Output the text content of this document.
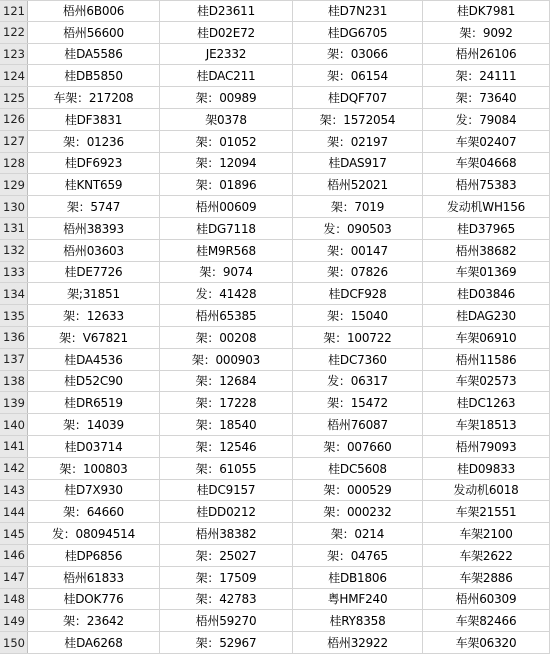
121	梧州6B006	桂D23611	桂D7N231	桂DK7981
122	梧州56600	桂D02E72	桂DG6705	架：9092
123	桂DA5586	JE2332	架：03066	梧州26106
124	桂DB5850	桂DAC211	架：06154	架：24111
125	车架：217208	架：00989	桂DQF707	架：73640
126	桂DF3831	架0378	架：1572054	发：79084
127	架：01236	架：01052	架：02197	车架02407
128	桂DF6923	架：12094	桂DAS917	车架04668
129	桂KNT659	架：01896	梧州52021	梧州75383
130	架：5747	梧州00609	架：7019	发动机WH156
131	梧州38393	桂DG7118	发：090503	桂D37965
132	梧州03603	桂M9R568	架：00147	梧州38682
133	桂DE7726	架：9074	架：07826	车架01369
134	架;31851	发：41428	桂DCF928	桂D03846
135	架：12633	梧州65385	架：15040	桂DAG230
136	架：V67821	架：00208	架：100722	车架06910
137	桂DA4536	架：000903	桂DC7360	梧州11586
138	桂D52C90	架：12684	发：06317	车架02573
139	桂DR6519	架：17228	架：15472	桂DC1263
140	架：14039	架：18540	梧州76087	车架18513
141	桂D03714	架：12546	架：007660	梧州79093
142	架：100803	架：61055	桂DC5608	桂D09833
143	桂D7X930	桂DC9157	架：000529	发动机6018
144	架：64660	桂DD0212	架：000232	车架21551
145	发：08094514	梧州38382	架：0214	车架2100
146	桂DP6856	架：25027	架：04765	车架2622
147	梧州61833	架：17509	桂DB1806	车架2886
148	桂DOK776	架：42783	粤HMF240	梧州60309
149	架：23642	梧州59270	桂RY8358	车架82466
150	桂DA6268	架：52967	梧州32922	车架06320
